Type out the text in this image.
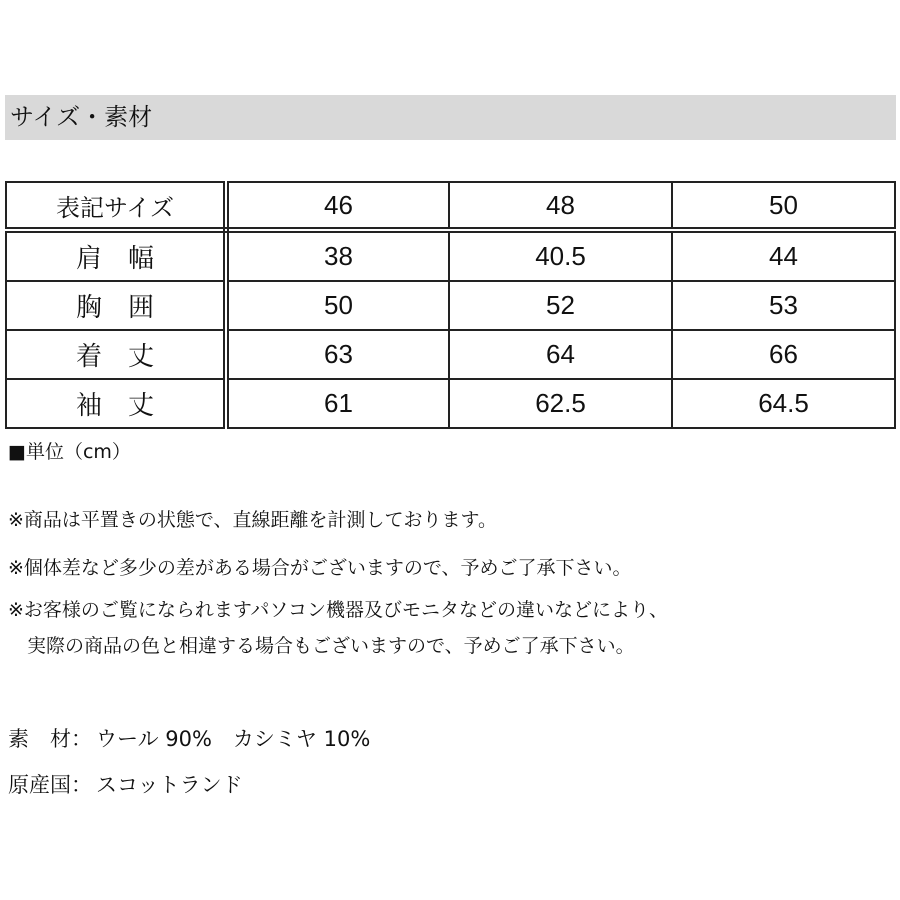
サイズ・素材
表記サイズ	46	48	50
肩　幅	38	40.5	44
胸　囲	50	52	53
着　丈	63	64	66
袖　丈	61	62.5	64.5
■単位（cm）
※商品は平置きの状態で、直線距離を計測しております。
※個体差など多少の差がある場合がございますので、予めご了承下さい。
※お客様のご覧になられますパソコン機器及びモニタなどの違いなどにより、
　実際の商品の色と相違する場合もございますので、予めご了承下さい。
素　材： ウール 90%　カシミヤ 10%
原産国： スコットランド
